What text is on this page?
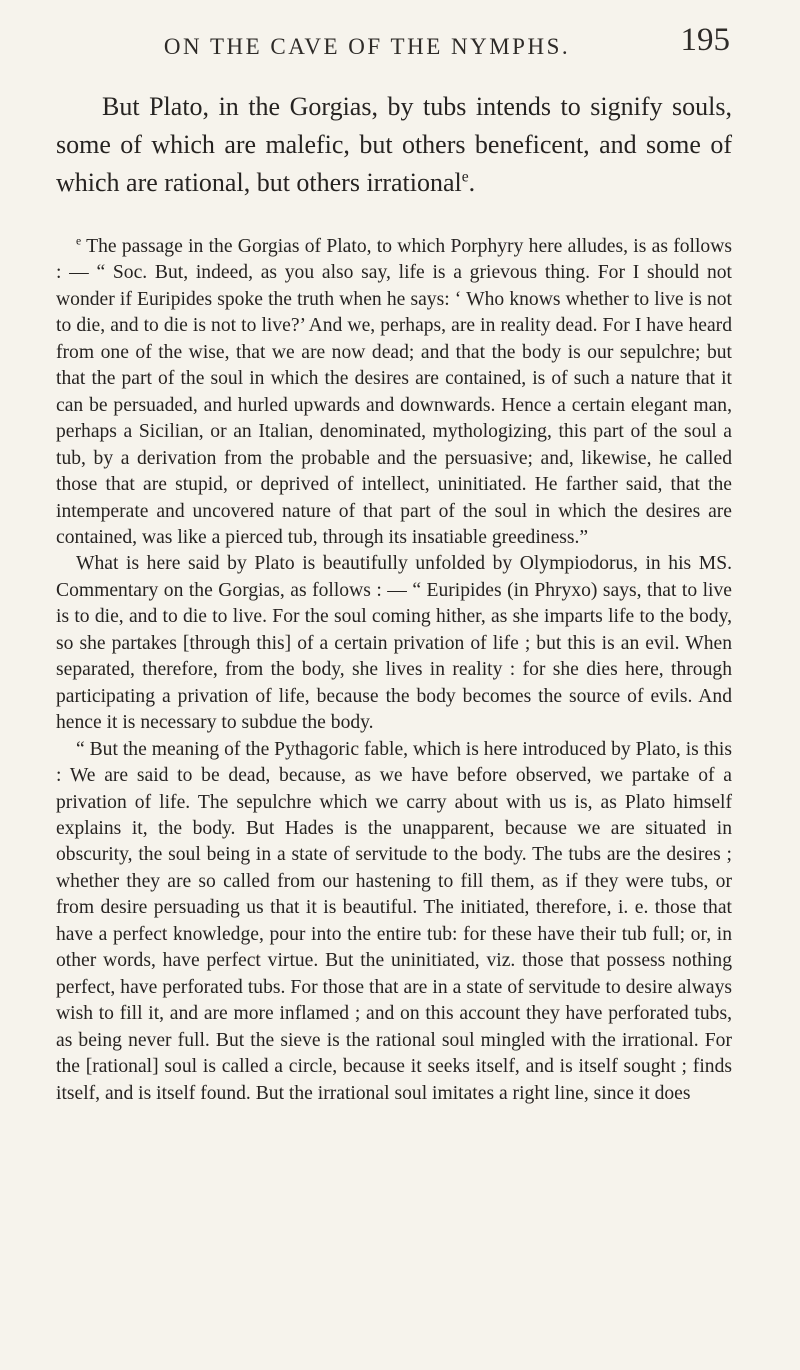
ON THE CAVE OF THE NYMPHS.	195

But Plato, in the Gorgias, by tubs intends to signify souls, some of which are malefic, but others beneficent, and some of which are rational, but others irrational$^e$.

$^e$ The passage in the Gorgias of Plato, to which Porphyry here alludes, is as follows : — “ Soc. But, indeed, as you also say, life is a grievous thing. For I should not wonder if Euripides spoke the truth when he says: ‘ Who knows whether to live is not to die, and to die is not to live?’ And we, perhaps, are in reality dead. For I have heard from one of the wise, that we are now dead; and that the body is our sepulchre; but that the part of the soul in which the desires are contained, is of such a nature that it can be persuaded, and hurled upwards and downwards. Hence a certain elegant man, perhaps a Sicilian, or an Italian, denominated, mythologizing, this part of the soul a tub, by a derivation from the probable and the persuasive; and, likewise, he called those that are stupid, or deprived of intellect, uninitiated. He farther said, that the intemperate and uncovered nature of that part of the soul in which the desires are contained, was like a pierced tub, through its insatiable greediness.”

What is here said by Plato is beautifully unfolded by Olympiodorus, in his MS. Commentary on the Gorgias, as follows : — “ Euripides (in Phryxo) says, that to live is to die, and to die to live. For the soul coming hither, as she imparts life to the body, so she partakes [through this] of a certain privation of life ; but this is an evil. When separated, therefore, from the body, she lives in reality : for she dies here, through participating a privation of life, because the body becomes the source of evils. And hence it is necessary to subdue the body.

“ But the meaning of the Pythagoric fable, which is here introduced by Plato, is this : We are said to be dead, because, as we have before observed, we partake of a privation of life. The sepulchre which we carry about with us is, as Plato himself explains it, the body. But Hades is the unapparent, because we are situated in obscurity, the soul being in a state of servitude to the body. The tubs are the desires ; whether they are so called from our hastening to fill them, as if they were tubs, or from desire persuading us that it is beautiful. The initiated, therefore, i. e. those that have a perfect knowledge, pour into the entire tub: for these have their tub full; or, in other words, have perfect virtue. But the uninitiated, viz. those that possess nothing perfect, have perforated tubs. For those that are in a state of servitude to desire always wish to fill it, and are more inflamed ; and on this account they have perforated tubs, as being never full. But the sieve is the rational soul mingled with the irrational. For the [rational] soul is called a circle, because it seeks itself, and is itself sought ; finds itself, and is itself found. But the irrational soul imitates a right line, since it does
